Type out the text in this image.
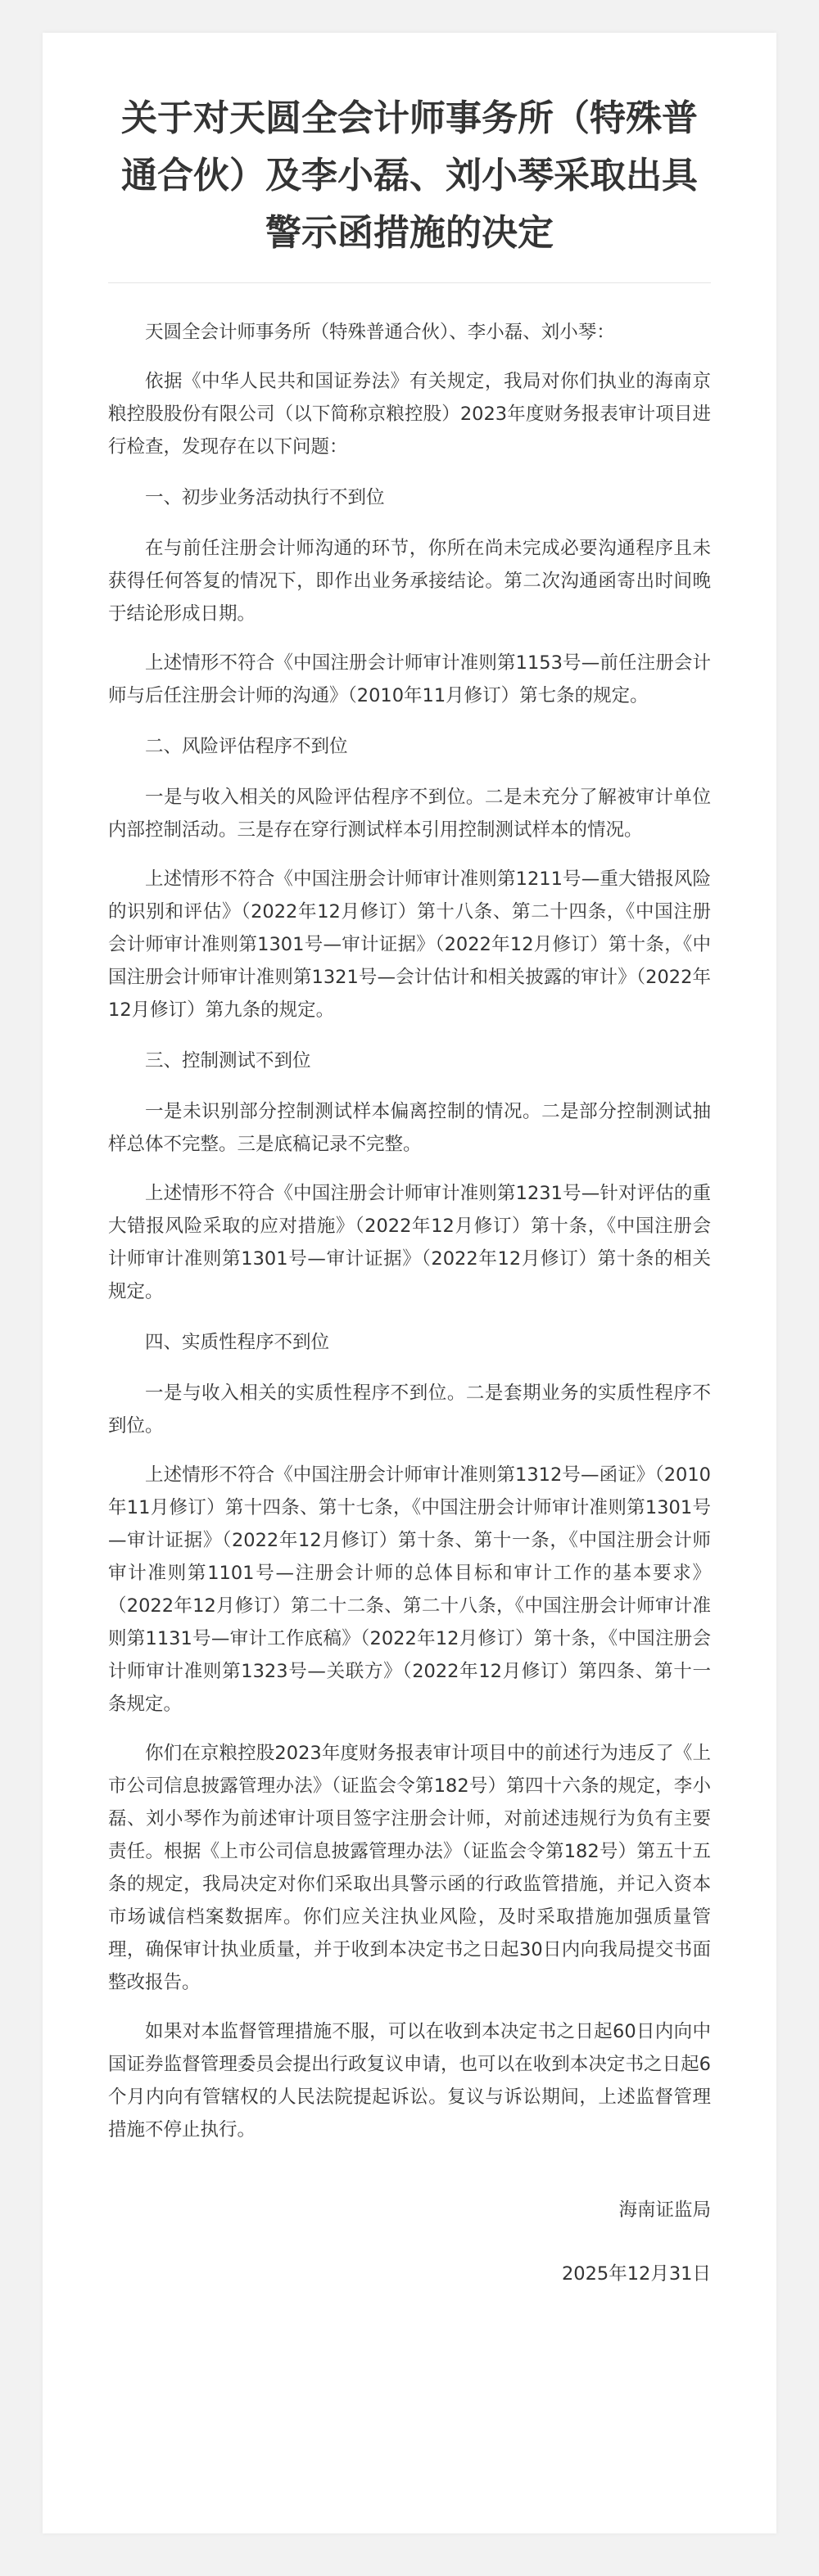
关于对天圆全会计师事务所（特殊普通合伙）及李小磊、刘小琴采取出具警示函措施的决定

天圆全会计师事务所（特殊普通合伙）、李小磊、刘小琴：

依据《中华人民共和国证券法》有关规定，我局对你们执业的海南京粮控股股份有限公司（以下简称京粮控股）2023年度财务报表审计项目进行检查，发现存在以下问题：

一、初步业务活动执行不到位

在与前任注册会计师沟通的环节，你所在尚未完成必要沟通程序且未获得任何答复的情况下，即作出业务承接结论。第二次沟通函寄出时间晚于结论形成日期。

上述情形不符合《中国注册会计师审计准则第1153号—前任注册会计师与后任注册会计师的沟通》（2010年11月修订）第七条的规定。

二、风险评估程序不到位

一是与收入相关的风险评估程序不到位。二是未充分了解被审计单位内部控制活动。三是存在穿行测试样本引用控制测试样本的情况。

上述情形不符合《中国注册会计师审计准则第1211号—重大错报风险的识别和评估》（2022年12月修订）第十八条、第二十四条，《中国注册会计师审计准则第1301号—审计证据》（2022年12月修订）第十条，《中国注册会计师审计准则第1321号—会计估计和相关披露的审计》（2022年12月修订）第九条的规定。

三、控制测试不到位

一是未识别部分控制测试样本偏离控制的情况。二是部分控制测试抽样总体不完整。三是底稿记录不完整。

上述情形不符合《中国注册会计师审计准则第1231号—针对评估的重大错报风险采取的应对措施》（2022年12月修订）第十条，《中国注册会计师审计准则第1301号—审计证据》（2022年12月修订）第十条的相关规定。

四、实质性程序不到位

一是与收入相关的实质性程序不到位。二是套期业务的实质性程序不到位。

上述情形不符合《中国注册会计师审计准则第1312号—函证》（2010年11月修订）第十四条、第十七条，《中国注册会计师审计准则第1301号—审计证据》（2022年12月修订）第十条、第十一条，《中国注册会计师审计准则第1101号—注册会计师的总体目标和审计工作的基本要求》（2022年12月修订）第二十二条、第二十八条，《中国注册会计师审计准则第1131号—审计工作底稿》（2022年12月修订）第十条，《中国注册会计师审计准则第1323号—关联方》（2022年12月修订）第四条、第十一条规定。

你们在京粮控股2023年度财务报表审计项目中的前述行为违反了《上市公司信息披露管理办法》（证监会令第182号）第四十六条的规定，李小磊、刘小琴作为前述审计项目签字注册会计师，对前述违规行为负有主要责任。根据《上市公司信息披露管理办法》（证监会令第182号）第五十五条的规定，我局决定对你们采取出具警示函的行政监管措施，并记入资本市场诚信档案数据库。你们应关注执业风险，及时采取措施加强质量管理，确保审计执业质量，并于收到本决定书之日起30日内向我局提交书面整改报告。

如果对本监督管理措施不服，可以在收到本决定书之日起60日内向中国证券监督管理委员会提出行政复议申请，也可以在收到本决定书之日起6个月内向有管辖权的人民法院提起诉讼。复议与诉讼期间，上述监督管理措施不停止执行。

海南证监局
2025年12月31日
